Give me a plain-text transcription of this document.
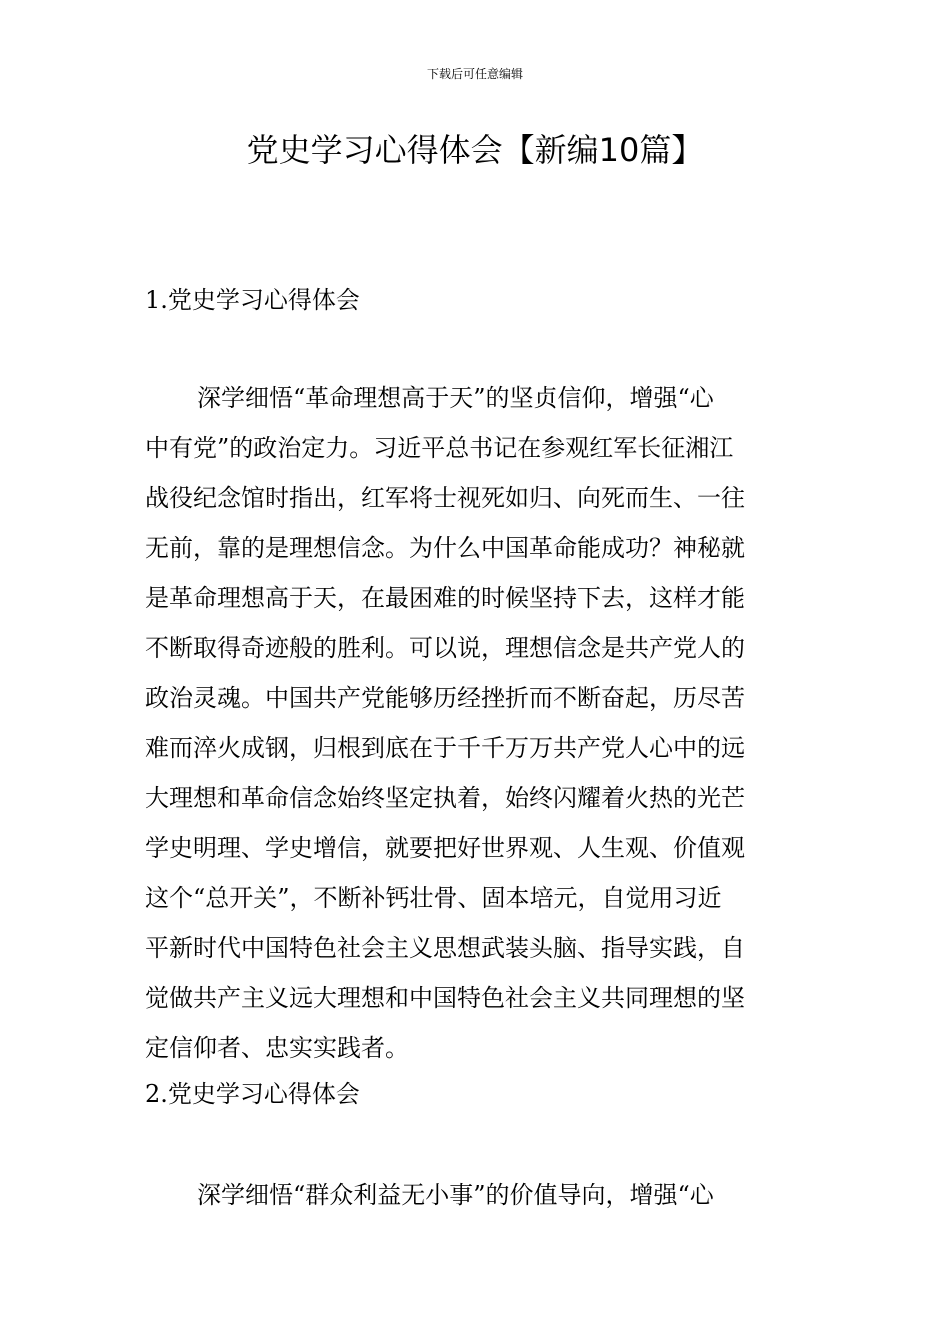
下载后可任意编辑
党史学习心得体会【新编10篇】
1.党史学习心得体会
深学细悟“革命理想高于天”的坚贞信仰，增强“心
中有党”的政治定力。习近平总书记在参观红军长征湘江
战役纪念馆时指出，红军将士视死如归、向死而生、一往
无前，靠的是理想信念。为什么中国革命能成功？神秘就
是革命理想高于天，在最困难的时候坚持下去，这样才能
不断取得奇迹般的胜利。可以说，理想信念是共产党人的
政治灵魂。中国共产党能够历经挫折而不断奋起，历尽苦
难而淬火成钢，归根到底在于千千万万共产党人心中的远
大理想和革命信念始终坚定执着，始终闪耀着火热的光芒
学史明理、学史增信，就要把好世界观、人生观、价值观
这个“总开关”，不断补钙壮骨、固本培元，自觉用习近
平新时代中国特色社会主义思想武装头脑、指导实践，自
觉做共产主义远大理想和中国特色社会主义共同理想的坚
定信仰者、忠实实践者。
2.党史学习心得体会
深学细悟“群众利益无小事”的价值导向，增强“心
